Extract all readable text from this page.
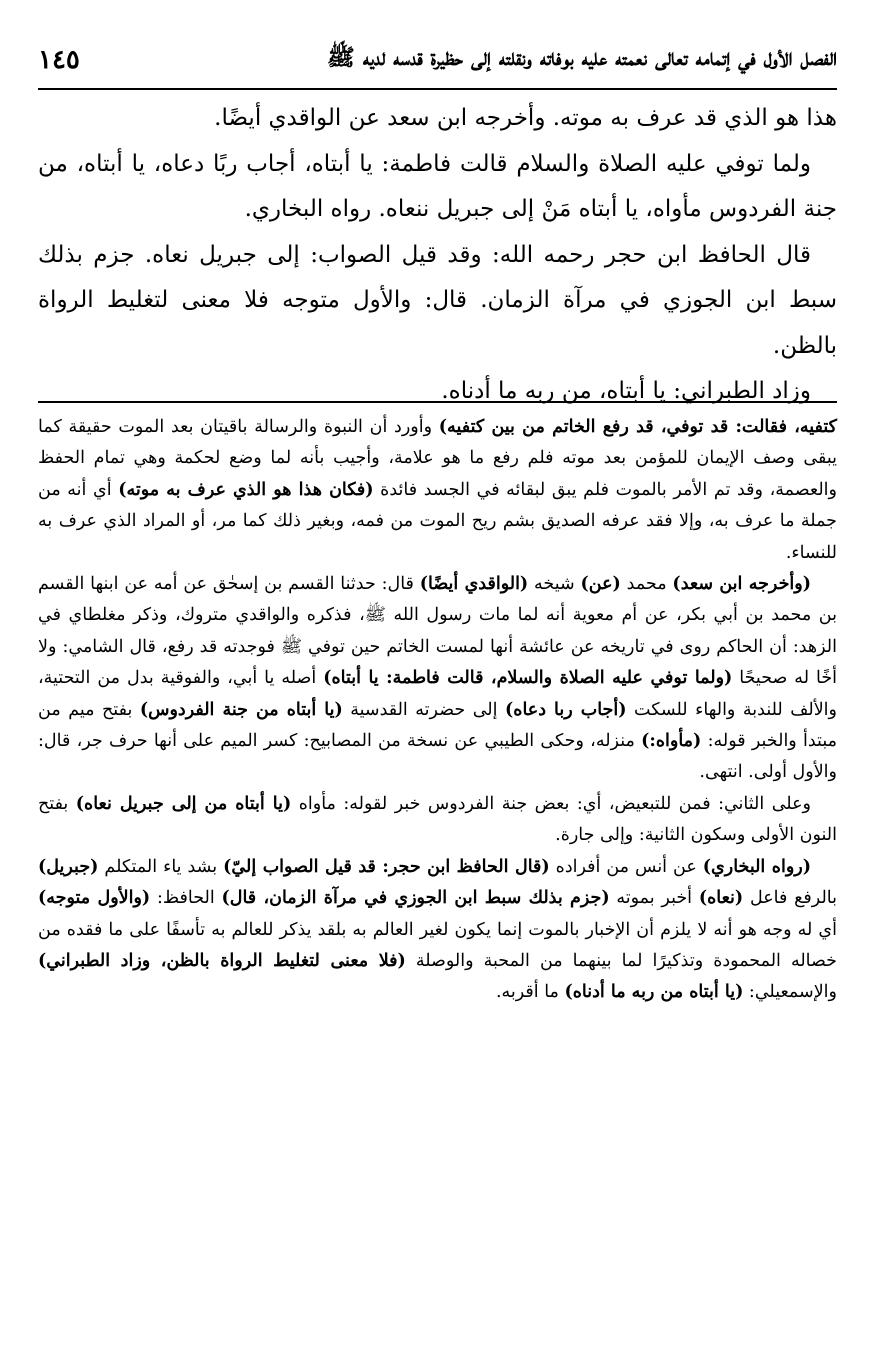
الفصل الأول في إتمامه تعالى نعمته عليه بوفاته ونقلته إلى حظيرة قدسه لديه ﷺ
١٤٥

هذا هو الذي قد عرف به موته. وأخرجه ابن سعد عن الواقدي أيضًا.

ولما توفي عليه الصلاة والسلام قالت فاطمة: يا أبتاه، أجاب ربًا دعاه، يا أبتاه، من جنة الفردوس مأواه، يا أبتاه مَنْ إلى جبريل ننعاه. رواه البخاري.

قال الحافظ ابن حجر رحمه الله: وقد قيل الصواب: إلى جبريل نعاه. جزم بذلك سبط ابن الجوزي في مرآة الزمان. قال: والأول متوجه فلا معنى لتغليط الرواة بالظن.

وزاد الطبراني: يا أبتاه، من ربه ما أدناه.

كتفيه، فقالت: قد توفي، قد رفع الخاتم من بين كتفيه) وأورد أن النبوة والرسالة باقيتان بعد الموت حقيقة كما يبقى وصف الإيمان للمؤمن بعد موته فلم رفع ما هو علامة، وأجيب بأنه لما وضع لحكمة وهي تمام الحفظ والعصمة، وقد تم الأمر بالموت فلم يبق لبقائه في الجسد فائدة (فكان هذا هو الذي عرف به موته) أي أنه من جملة ما عرف به، وإلا فقد عرفه الصديق بشم ريح الموت من فمه، وبغير ذلك كما مر، أو المراد الذي عرف به للنساء.

(وأخرجه ابن سعد) محمد (عن) شيخه (الواقدي أيضًا) قال: حدثنا القسم بن إسحٰق عن أمه عن ابنها القسم بن محمد بن أبي بكر، عن أم معوية أنه لما مات رسول الله ﷺ، فذكره والواقدي متروك، وذكر مغلطاي في الزهد: أن الحاكم روى في تاريخه عن عائشة أنها لمست الخاتم حين توفي ﷺ فوجدته قد رفع، قال الشامي: ولا أخًا له صحيحًا (ولما توفي عليه الصلاة والسلام، قالت فاطمة: يا أبتاه) أصله يا أبي، والفوقية بدل من التحتية، والألف للندبة والهاء للسكت (أجاب ربا دعاه) إلى حضرته القدسية (يا أبتاه من جنة الفردوس) بفتح ميم من مبتدأ والخبر قوله: (مأواه:) منزله، وحكى الطيبي عن نسخة من المصابيح: كسر الميم على أنها حرف جر، قال: والأول أولى. انتهى.

وعلى الثاني: فمن للتبعيض، أي: بعض جنة الفردوس خبر لقوله: مأواه (يا أبتاه من إلى جبريل نعاه) بفتح النون الأولى وسكون الثانية: وإلى جارة.

(رواه البخاري) عن أنس من أفراده (قال الحافظ ابن حجر: قد قيل الصواب إليّ) بشد ياء المتكلم (جبريل) بالرفع فاعل (نعاه) أخبر بموته (جزم بذلك سبط ابن الجوزي في مرآة الزمان، قال) الحافظ: (والأول متوجه) أي له وجه هو أنه لا يلزم أن الإخبار بالموت إنما يكون لغير العالم به بلقد يذكر للعالم به تأسفًا على ما فقده من خصاله المحمودة وتذكيرًا لما بينهما من المحبة والوصلة (فلا معنى لتغليط الرواة بالظن، وزاد الطبراني) والإسمعيلي: (يا أبتاه من ربه ما أدناه) ما أقربه.
